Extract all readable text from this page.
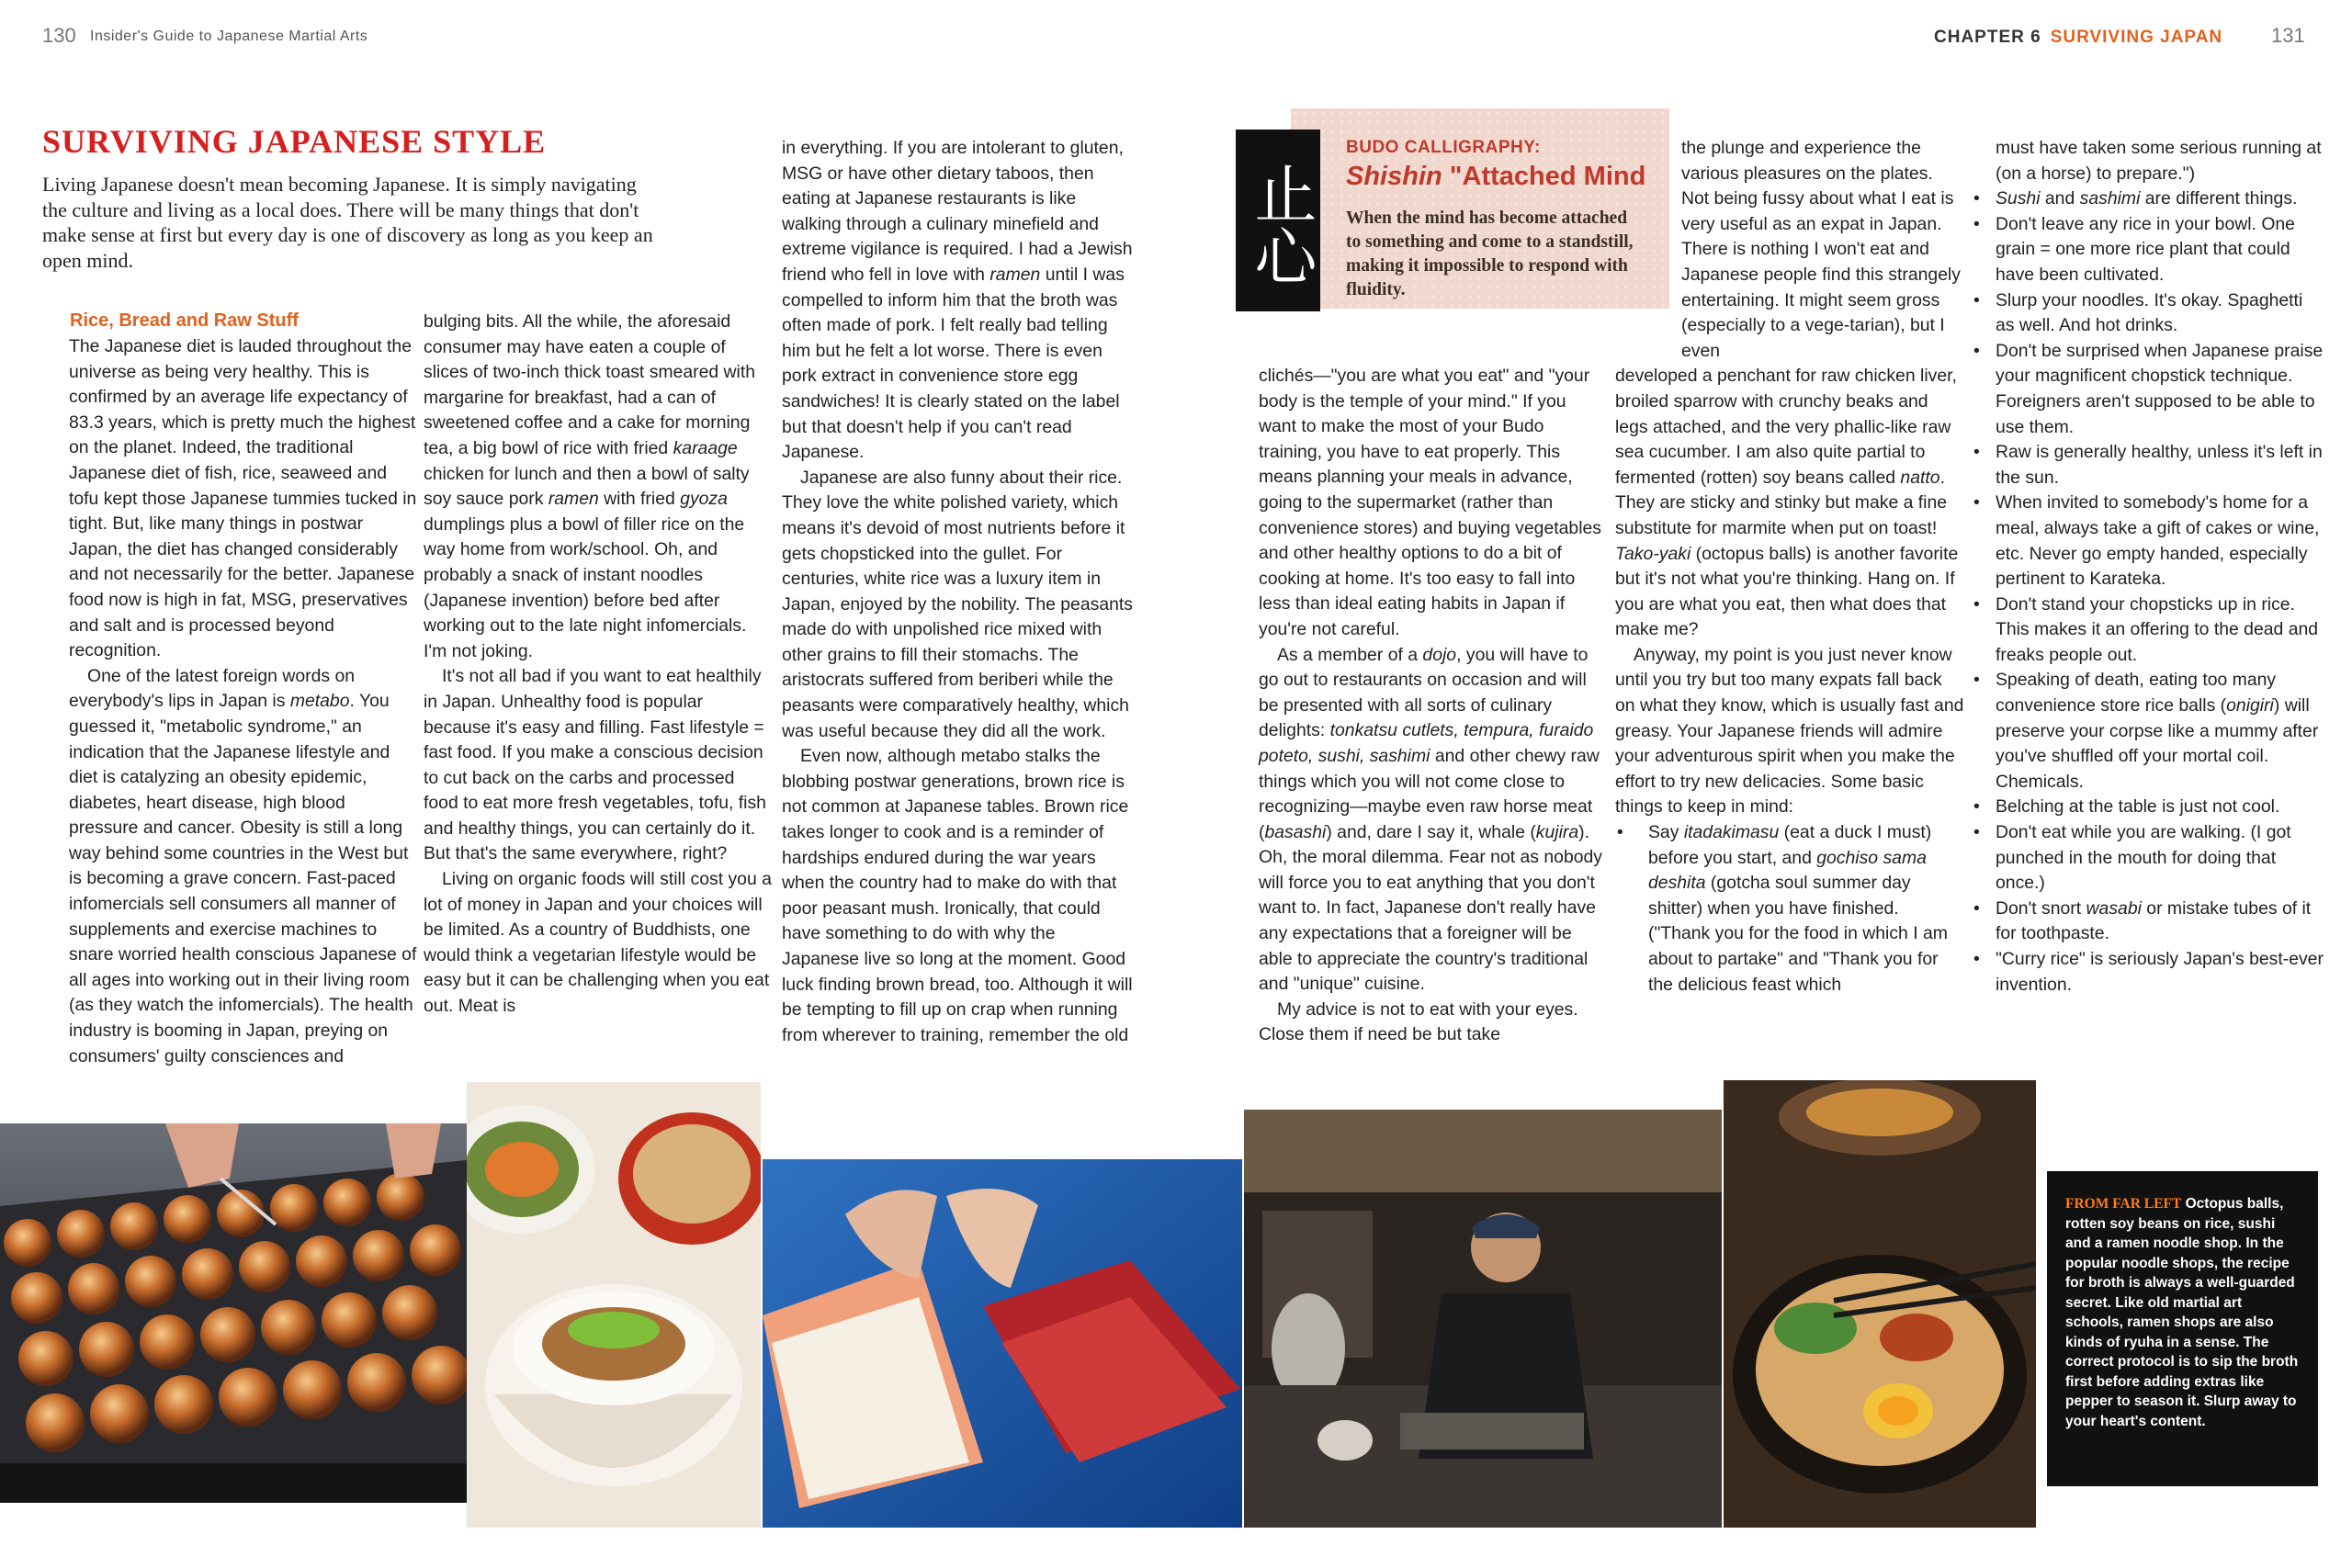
130 Insider's Guide to Japanese Martial Arts	CHAPTER 6 SURVIVING JAPAN 131
SURVIVING JAPANESE STYLE
Living Japanese doesn't mean becoming Japanese. It is simply navigating the culture and living as a local does. There will be many things that don't make sense at first but every day is one of discovery as long as you keep an open mind.
Rice, Bread and Raw Stuff

The Japanese diet is lauded throughout the universe as being very healthy. This is confirmed by an average life expectancy of 83.3 years, which is pretty much the highest on the planet. Indeed, the traditional Japanese diet of fish, rice, seaweed and tofu kept those Japanese tummies tucked in tight. But, like many things in postwar Japan, the diet has changed considerably and not necessarily for the better. Japanese food now is high in fat, MSG, preservatives and salt and is processed beyond recognition.

One of the latest foreign words on everybody's lips in Japan is metabo. You guessed it, "metabolic syndrome," an indication that the Japanese lifestyle and diet is catalyzing an obesity epidemic, diabetes, heart disease, high blood pressure and cancer. Obesity is still a long way behind some countries in the West but is becoming a grave concern. Fast-paced infomercials sell consumers all manner of supplements and exercise machines to snare worried health conscious Japanese of all ages into working out in their living room (as they watch the infomercials). The health industry is booming in Japan, preying on consumers' guilty consciences and

bulging bits. All the while, the aforesaid consumer may have eaten a couple of slices of two-inch thick toast smeared with margarine for breakfast, had a can of sweetened coffee and a cake for morning tea, a big bowl of rice with fried karaage chicken for lunch and then a bowl of salty soy sauce pork ramen with fried gyoza dumplings plus a bowl of filler rice on the way home from work/school. Oh, and probably a snack of instant noodles (Japanese invention) before bed after working out to the late night infomercials. I'm not joking.

It's not all bad if you want to eat healthily in Japan. Unhealthy food is popular because it's easy and filling. Fast lifestyle = fast food. If you make a conscious decision to cut back on the carbs and processed food to eat more fresh vegetables, tofu, fish and healthy things, you can certainly do it. But that's the same everywhere, right?

Living on organic foods will still cost you a lot of money in Japan and your choices will be limited. As a country of Buddhists, one would think a vegetarian lifestyle would be easy but it can be challenging when you eat out. Meat is

in everything. If you are intolerant to gluten, MSG or have other dietary taboos, then eating at Japanese restaurants is like walking through a culinary minefield and extreme vigilance is required. I had a Jewish friend who fell in love with ramen until I was compelled to inform him that the broth was often made of pork. I felt really bad telling him but he felt a lot worse. There is even pork extract in convenience store egg sandwiches! It is clearly stated on the label but that doesn't help if you can't read Japanese.

Japanese are also funny about their rice. They love the white polished variety, which means it's devoid of most nutrients before it gets chopsticked into the gullet. For centuries, white rice was a luxury item in Japan, enjoyed by the nobility. The peasants made do with unpolished rice mixed with other grains to fill their stomachs. The aristocrats suffered from beriberi while the peasants were comparatively healthy, which was useful because they did all the work.

Even now, although metabo stalks the blobbing postwar generations, brown rice is not common at Japanese tables. Brown rice takes longer to cook and is a reminder of hardships endured during the war years when the country had to make do with that poor peasant mush. Ironically, that could have something to do with why the Japanese live so long at the moment. Good luck finding brown bread, too. Although it will be tempting to fill up on crap when running from wherever to training, remember the old

止心
BUDO CALLIGRAPHY:
Shishin "Attached Mind
When the mind has become attached to something and come to a standstill, making it impossible to respond with fluidity.

clichés—"you are what you eat" and "your body is the temple of your mind." If you want to make the most of your Budo training, you have to eat properly. This means planning your meals in advance, going to the supermarket (rather than convenience stores) and buying vegetables and other healthy options to do a bit of cooking at home. It's too easy to fall into less than ideal eating habits in Japan if you're not careful.

As a member of a dojo, you will have to go out to restaurants on occasion and will be presented with all sorts of culinary delights: tonkatsu cutlets, tempura, furaido poteto, sushi, sashimi and other chewy raw things which you will not come close to recognizing—maybe even raw horse meat (basashi) and, dare I say it, whale (kujira). Oh, the moral dilemma. Fear not as nobody will force you to eat anything that you don't want to. In fact, Japanese don't really have any expectations that a foreigner will be able to appreciate the country's traditional and "unique" cuisine.

My advice is not to eat with your eyes. Close them if need be but take

the plunge and experience the various pleasures on the plates. Not being fussy about what I eat is very useful as an expat in Japan. There is nothing I won't eat and Japanese people find this strangely entertaining. It might seem gross (especially to a vege-tarian), but I even

developed a penchant for raw chicken liver, broiled sparrow with crunchy beaks and legs attached, and the very phallic-like raw sea cucumber. I am also quite partial to fermented (rotten) soy beans called natto. They are sticky and stinky but make a fine substitute for marmite when put on toast! Tako-yaki (octopus balls) is another favorite but it's not what you're thinking. Hang on. If you are what you eat, then what does that make me?

Anyway, my point is you just never know until you try but too many expats fall back on what they know, which is usually fast and greasy. Your Japanese friends will admire your adventurous spirit when you make the effort to try new delicacies. Some basic things to keep in mind:

• Say itadakimasu (eat a duck I must) before you start, and gochiso sama deshita (gotcha soul summer day shitter) when you have finished. ("Thank you for the food in which I am about to partake" and "Thank you for the delicious feast which

must have taken some serious running at (on a horse) to prepare.")

• Sushi and sashimi are different things.
• Don't leave any rice in your bowl. One grain = one more rice plant that could have been cultivated.
• Slurp your noodles. It's okay. Spaghetti as well. And hot drinks.
• Don't be surprised when Japanese praise your magnificent chopstick technique. Foreigners aren't supposed to be able to use them.
• Raw is generally healthy, unless it's left in the sun.
• When invited to somebody's home for a meal, always take a gift of cakes or wine, etc. Never go empty handed, especially pertinent to Karateka.
• Don't stand your chopsticks up in rice. This makes it an offering to the dead and freaks people out.
• Speaking of death, eating too many convenience store rice balls (onigiri) will preserve your corpse like a mummy after you've shuffled off your mortal coil. Chemicals.
• Belching at the table is just not cool.
• Don't eat while you are walking. (I got punched in the mouth for doing that once.)
• Don't snort wasabi or mistake tubes of it for toothpaste.
• "Curry rice" is seriously Japan's best-ever invention.
FROM FAR LEFT Octopus balls, rotten soy beans on rice, sushi and a ramen noodle shop. In the popular noodle shops, the recipe for broth is always a well-guarded secret. Like old martial art schools, ramen shops are also kinds of ryuha in a sense. The correct protocol is to sip the broth first before adding extras like pepper to season it. Slurp away to your heart's content.
